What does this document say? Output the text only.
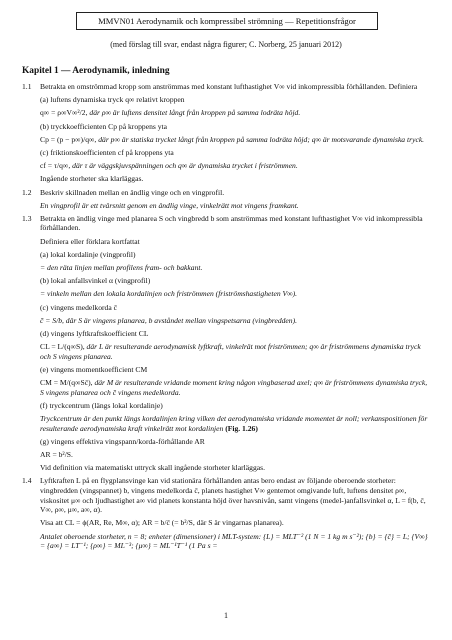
MMVN01 Aerodynamik och kompressibel strömning — Repetitionsfrågor
(med förslag till svar, endast några figurer; C. Norberg, 25 januari 2012)
Kapitel 1 — Aerodynamik, inledning
1.1 Betrakta en omströmmad kropp som anströmmas med konstant lufthastighet V∞ vid inkompressibla förhållanden. Definiera

(a) luftens dynamiska tryck q∞ relativt kroppen

q∞ = ρ∞V∞²/2, där ρ∞ är luftens densitet långt från kroppen på samma lodräta höjd.

(b) tryckkoefficienten Cp på kroppens yta

Cp = (p − p∞)/q∞, där p∞ är statiska trycket långt från kroppen på samma lodräta höjd; q∞ är motsvarande dynamiska tryck.

(c) friktionskoefficienten cf på kroppens yta

cf = τ/q∞, där τ är väggskjuvspänningen och q∞ är dynamiska trycket i friströmmen.

Ingående storheter ska klarläggas.

1.2 Beskriv skillnaden mellan en ändlig vinge och en vingprofil.

En vingprofil är ett tvärsnitt genom en ändlig vinge, vinkelrätt mot vingens framkant.

1.3 Betrakta en ändlig vinge med planarea S och vingbredd b som anströmmas med konstant lufthastighet V∞ vid inkompressibla förhållanden.

Definiera eller förklara kortfattat

(a) lokal kordalinje (vingprofil)

= den räta linjen mellan profilens fram- och bakkant.

(b) lokal anfallsvinkel α (vingprofil)

= vinkeln mellan den lokala kordalinjen och friströmmen (friströmshastigheten V∞).

(c) vingens medelkorda c̄

c̄ = S/b, där S är vingens planarea, b avståndet mellan vingspetsarna (vingbredden).

(d) vingens lyftkraftskoefficient CL

CL = L/(q∞S), där L är resulterande aerodynamisk lyftkraft, vinkelrät mot friströmmen; q∞ är friströmmens dynamiska tryck och S vingens planarea.

(e) vingens momentkoefficient CM

CM = M/(q∞Sc̄), där M är resulterande vridande moment kring någon vingbaserad axel; q∞ är friströmmens dynamiska tryck, S vingens planarea och c̄ vingens medelkorda.

(f) tryckcentrum (längs lokal kordalinje)

Tryckcentrum är den punkt längs kordalinjen kring vilken det aerodynamiska vridande momentet är noll; verkanspositionen för resulterande aerodynamiska kraft vinkelrätt mot kordalinjen (Fig. 1.26)

(g) vingens effektiva vingspann/korda-förhållande AR

AR = b²/S.

Vid definition via matematiskt uttryck skall ingående storheter klarläggas.

1.4 Lyftkraften L på en flygplansvinge kan vid stationära förhållanden antas bero endast av följande oberoende storheter: vingbredden (vingspannet) b, vingens medelkorda c̄, planets hastighet V∞ gentemot omgivande luft, luftens densitet ρ∞, viskositet μ∞ och ljudhastighet a∞ vid planets konstanta höjd över havsnivån, samt vingens (medel-)anfallsvinkel α, L = f(b, c̄, V∞, ρ∞, μ∞, a∞, α).

Visa att CL = ϕ(AR, Re, M∞, α); AR = b/c̄ (= b²/S, där S är vingarnas planarea).

Antalet oberoende storheter, n = 8; enheter (dimensioner) i MLT-system: {L} = MLT⁻² (1 N = 1 kg m s⁻²); {b} = {c̄} = L; {V∞} = {a∞} = LT⁻¹; {ρ∞} = ML⁻³; {μ∞} = ML⁻¹T⁻¹ (1 Pa s =

1
